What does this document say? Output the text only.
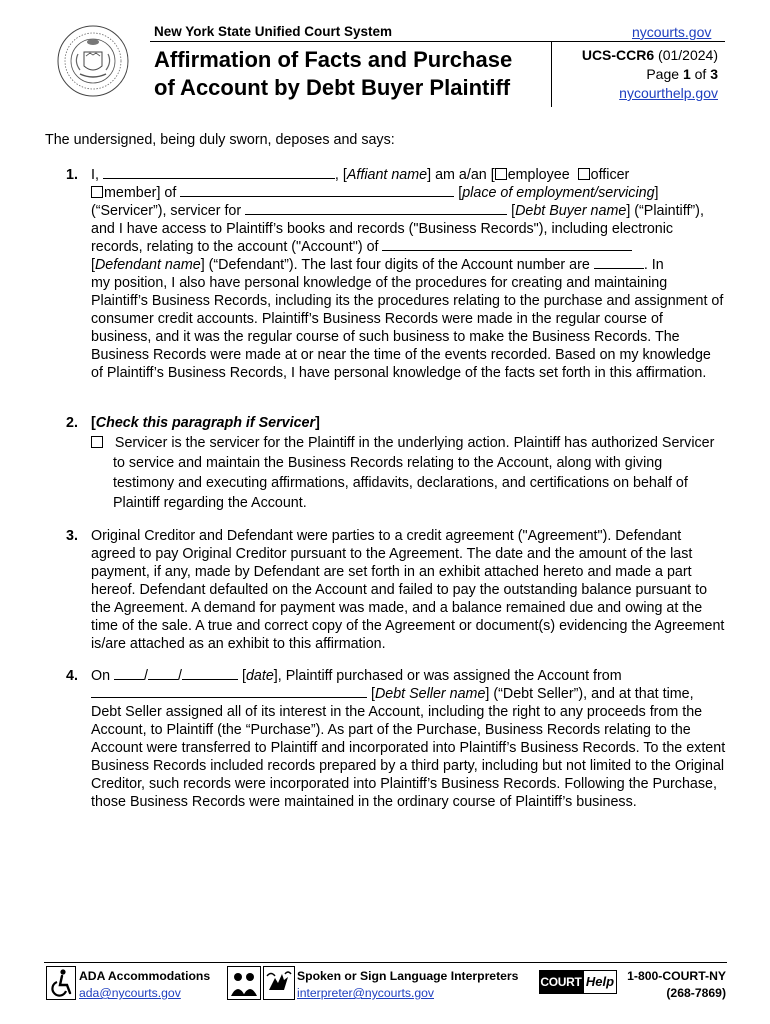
New York State Unified Court System	nycourts.gov
Affirmation of Facts and Purchase
of Account by Debt Buyer Plaintiff
UCS-CCR6 (01/2024)
Page 1 of 3
nycourthelp.gov
The undersigned, being duly sworn, deposes and says:
1. I,	, [Affiant name] am a/an [ employee officer
member] of	[place of employment/servicing]
(“Servicer”), servicer for	[Debt Buyer name] (“Plaintiff”),
and I have access to Plaintiff’s books and records ("Business Records"), including electronic
records, relating to the account ("Account") of
[Defendant name] (“Defendant”). The last four digits of the Account number are	. In
my position, I also have personal knowledge of the procedures for creating and maintaining Plaintiff’s Business Records, including its the procedures relating to the purchase and assignment of consumer credit accounts. Plaintiff’s Business Records were made in the regular course of business, and it was the regular course of such business to make the Business Records. The Business Records were made at or near the time of the events recorded. Based on my knowledge of Plaintiff’s Business Records, I have personal knowledge of the facts set forth in this affirmation.
2. [Check this paragraph if Servicer]
Servicer is the servicer for the Plaintiff in the underlying action. Plaintiff has authorized Servicer to service and maintain the Business Records relating to the Account, along with giving testimony and executing affirmations, affidavits, declarations, and certifications on behalf of Plaintiff regarding the Account.
3. Original Creditor and Defendant were parties to a credit agreement ("Agreement"). Defendant agreed to pay Original Creditor pursuant to the Agreement. The date and the amount of the last payment, if any, made by Defendant are set forth in an exhibit attached hereto and made a part hereof. Defendant defaulted on the Account and failed to pay the outstanding balance pursuant to the Agreement. A demand for payment was made, and a balance remained due and owing at the time of the sale. A true and correct copy of the Agreement or document(s) evidencing the Agreement is/are attached as an exhibit to this affirmation.
4. On / /	[date], Plaintiff purchased or was assigned the Account from
[Debt Seller name] (“Debt Seller”), and at that time,
Debt Seller assigned all of its interest in the Account, including the right to any proceeds from the Account, to Plaintiff (the “Purchase”). As part of the Purchase, Business Records relating to the Account were transferred to Plaintiff and incorporated into Plaintiff’s Business Records. To the extent Business Records included records prepared by a third party, including but not limited to the Original Creditor, such records were incorporated into Plaintiff’s Business Records. Following the Purchase, those Business Records were maintained in the ordinary course of Plaintiff’s business.
ADA Accommodations
ada@nycourts.gov
Spoken or Sign Language Interpreters
interpreter@nycourts.gov
COURT Help	1-800-COURT-NY
(268-7869)
